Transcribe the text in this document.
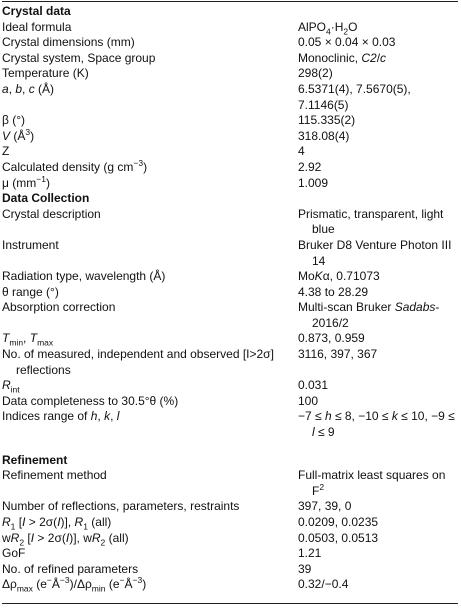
Crystal data	
Ideal formula	$AlPO_4\cdot H_2O$
Crystal dimensions (mm)	0.05 × 0.04 × 0.03
Crystal system, Space group	Monoclinic, C2/c
Temperature (K)	298(2)
a, b, c (Å)	6.5371(4), 7.5670(5), 7.1146(5)
β (°)	115.335(2)
V $(Å^3)$	318.08(4)
Z	4
Calculated density (g $cm^{-3}$)	2.92
μ $(mm^{-1})$	1.009
Data Collection	
Crystal description	Prismatic, transparent, light blue

Instrument	Bruker D8 Venture Photon III 14

Radiation type, wavelength (Å)	MoKα, 0.71073
θ range (°)	4.38 to 28.29
Absorption correction	Multi-scan Bruker Sadabs-2016/2

$T_{min}$, $T_{max}$	0.873, 0.959

No. of measured, independent and observed [I>2σ] reflections	3116, 397, 367
$R_{int}$	0.031
Data completeness to 30.5°θ (%)	100
Indices range of h, k, l	−7 ≤ h ≤ 8, −10 ≤ k ≤ 10, −9 ≤ l ≤ 9

Refinement	
Refinement method	Full-matrix least squares on $F^2$

Number of reflections, parameters, restraints	397, 39, 0
$R_1$ [I > 2σ(I)], $R_1$ (all)	0.0209, 0.0235
$wR_2$ [I > 2σ(I)], $wR_2$ (all)	0.0503, 0.0513
GoF	1.21
No. of refined parameters	39
$\Delta\rho_{max}$ $(e^-Å^{-3})/\Delta\rho_{min}$ $(e^-Å^{-3})$	0.32/−0.4
